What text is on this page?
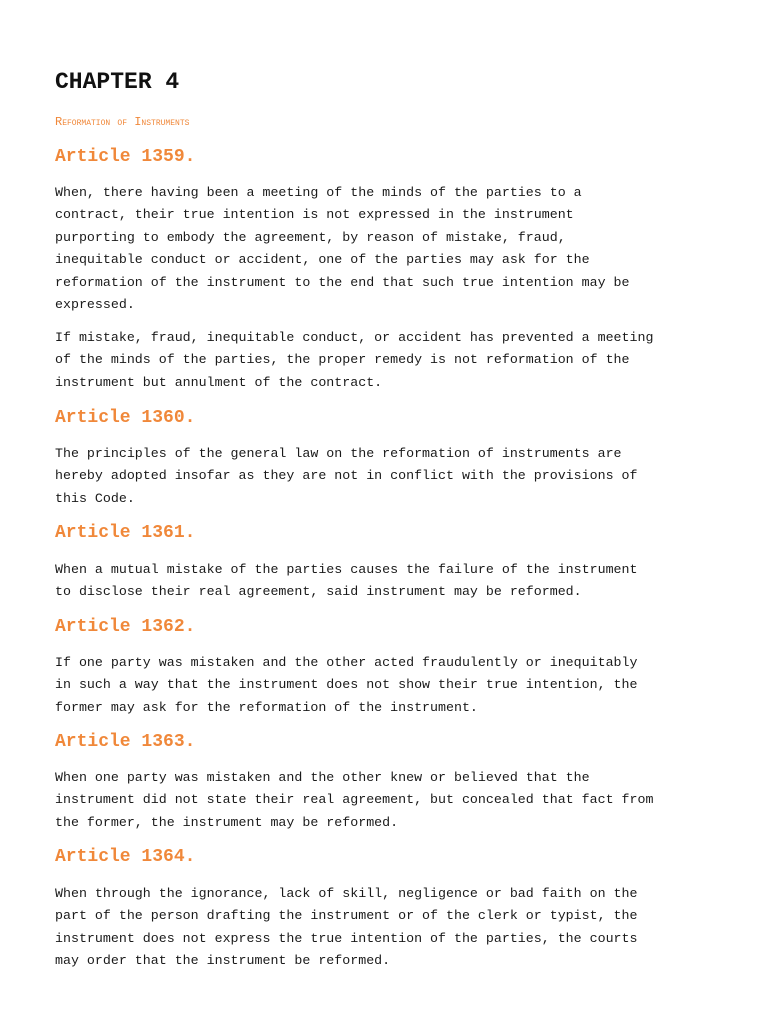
CHAPTER 4
Reformation of Instruments
Article 1359.

When, there having been a meeting of the minds of the parties to a
contract, their true intention is not expressed in the instrument
purporting to embody the agreement, by reason of mistake, fraud,
inequitable conduct or accident, one of the parties may ask for the
reformation of the instrument to the end that such true intention may be
expressed.

If mistake, fraud, inequitable conduct, or accident has prevented a meeting
of the minds of the parties, the proper remedy is not reformation of the
instrument but annulment of the contract.

Article 1360.

The principles of the general law on the reformation of instruments are
hereby adopted insofar as they are not in conflict with the provisions of
this Code.

Article 1361.

When a mutual mistake of the parties causes the failure of the instrument
to disclose their real agreement, said instrument may be reformed.

Article 1362.

If one party was mistaken and the other acted fraudulently or inequitably
in such a way that the instrument does not show their true intention, the
former may ask for the reformation of the instrument.

Article 1363.

When one party was mistaken and the other knew or believed that the
instrument did not state their real agreement, but concealed that fact from
the former, the instrument may be reformed.

Article 1364.

When through the ignorance, lack of skill, negligence or bad faith on the
part of the person drafting the instrument or of the clerk or typist, the
instrument does not express the true intention of the parties, the courts
may order that the instrument be reformed.
